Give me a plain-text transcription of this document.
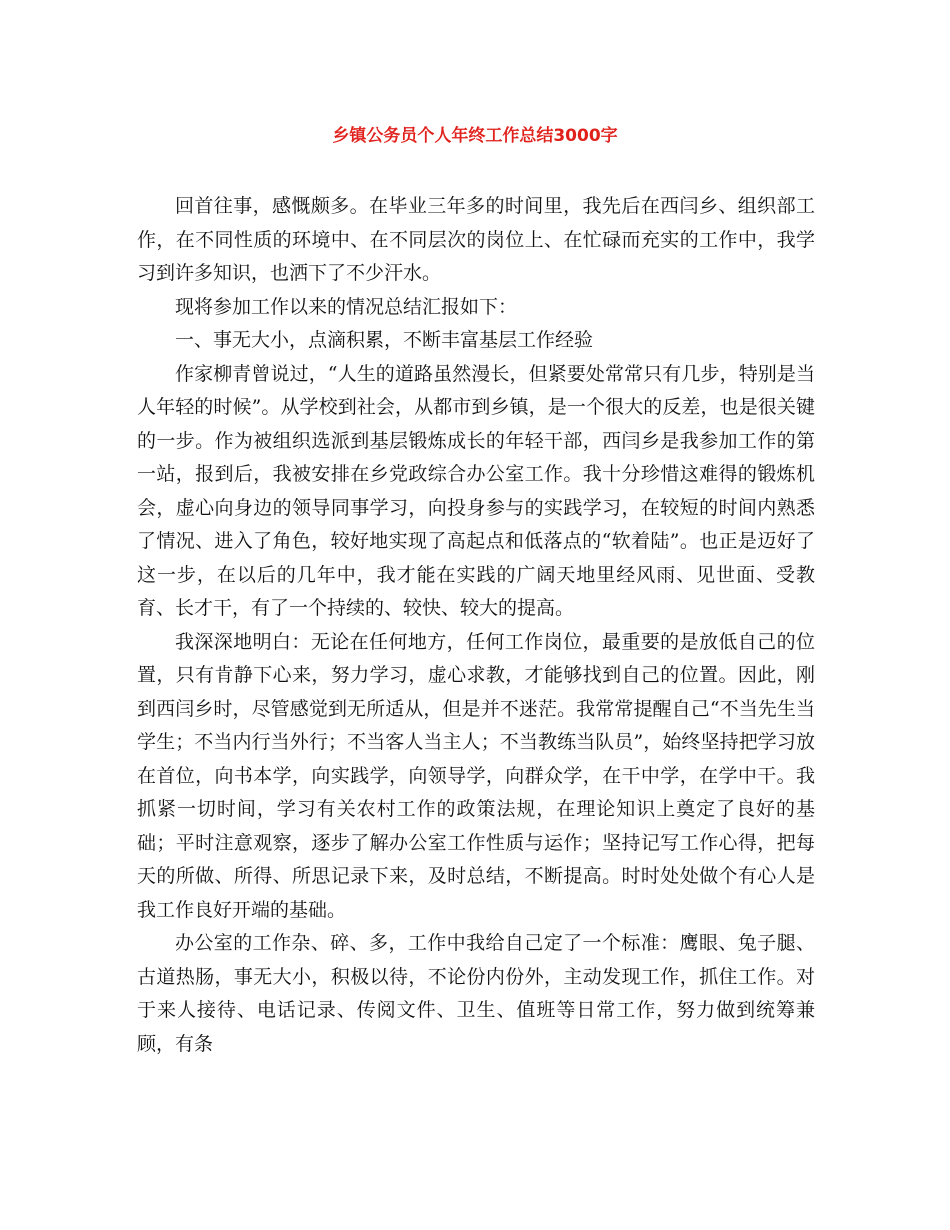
乡镇公务员个人年终工作总结3000字

回首往事，感慨颇多。在毕业三年多的时间里，我先后在西闫乡、组织部工作，在不同性质的环境中、在不同层次的岗位上、在忙碌而充实的工作中，我学习到许多知识，也洒下了不少汗水。

现将参加工作以来的情况总结汇报如下：

一、事无大小，点滴积累，不断丰富基层工作经验

作家柳青曾说过，“人生的道路虽然漫长，但紧要处常常只有几步，特别是当人年轻的时候”。从学校到社会，从都市到乡镇，是一个很大的反差，也是很关键的一步。作为被组织选派到基层锻炼成长的年轻干部，西闫乡是我参加工作的第一站，报到后，我被安排在乡党政综合办公室工作。我十分珍惜这难得的锻炼机会，虚心向身边的领导同事学习，向投身参与的实践学习，在较短的时间内熟悉了情况、进入了角色，较好地实现了高起点和低落点的“软着陆”。也正是迈好了这一步，在以后的几年中，我才能在实践的广阔天地里经风雨、见世面、受教育、长才干，有了一个持续的、较快、较大的提高。

我深深地明白：无论在任何地方，任何工作岗位，最重要的是放低自己的位置，只有肯静下心来，努力学习，虚心求教，才能够找到自己的位置。因此，刚到西闫乡时，尽管感觉到无所适从，但是并不迷茫。我常常提醒自己“不当先生当学生；不当内行当外行；不当客人当主人；不当教练当队员”，始终坚持把学习放在首位，向书本学，向实践学，向领导学，向群众学，在干中学，在学中干。我抓紧一切时间，学习有关农村工作的政策法规，在理论知识上奠定了良好的基础；平时注意观察，逐步了解办公室工作性质与运作；坚持记写工作心得，把每天的所做、所得、所思记录下来，及时总结，不断提高。时时处处做个有心人是我工作良好开端的基础。

办公室的工作杂、碎、多，工作中我给自己定了一个标准：鹰眼、兔子腿、古道热肠，事无大小，积极以待，不论份内份外，主动发现工作，抓住工作。对于来人接待、电话记录、传阅文件、卫生、值班等日常工作，努力做到统筹兼顾，有条
